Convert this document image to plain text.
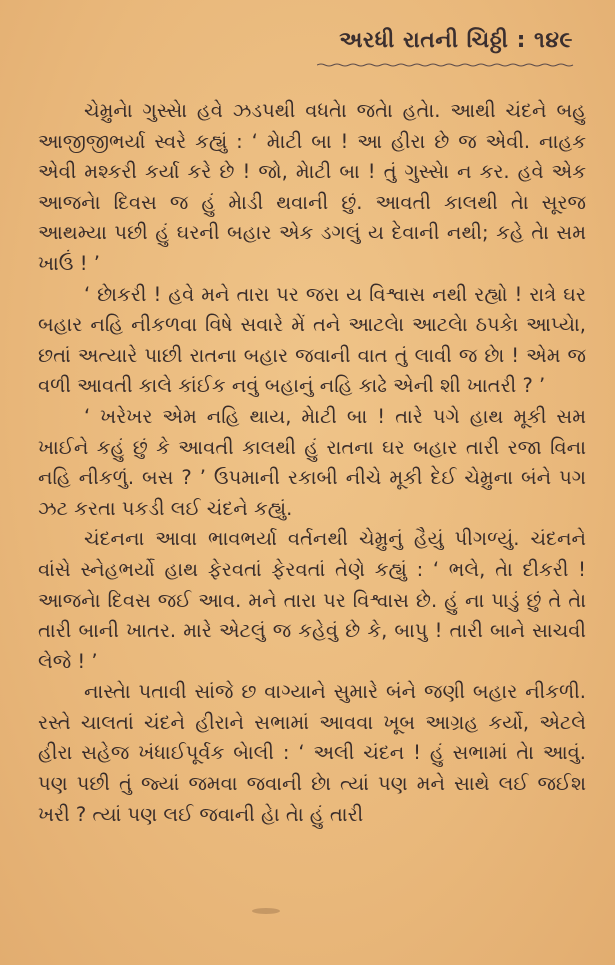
અરધી રાતની ચિઠ્ઠી : ૧૪૯

ચેમ્રુનેા ગુસ્સેા હવે ઝડપથી વધતેા જતેા હતેા. આથી ચંદને બહુ આજીજીભર્યા સ્વરે કહ્યું : ‘ મેાટી બા ! આ હીરા છે જ એવી. નાહક એવી મશ્કરી કર્યા કરે છે ! જો, મેાટી બા ! તું ગુસ્સેા ન કર. હવે એક આજનેા દિવસ જ હું મેાડી થવાની છું. આવતી કાલથી તેા સૂરજ આથમ્યા પછી હું ઘરની બહાર એક ડગલું ય દેવાની નથી; કહે તેા સમ ખાઉં ! ’

‘ છેાકરી ! હવે મને તારા પર જરા ય વિશ્વાસ નથી રહ્યો ! રાત્રે ઘર બહાર નહિ નીકળવા વિષે સવારે મેં તને આટલેા આટલેા ઠપકેા આપ્યેા, છતાં અત્યારે પાછી રાતના બહાર જવાની વાત તું લાવી જ છેા ! એમ જ વળી આવતી કાલે કાંઈક નવું બહાનું નહિ કાઢે એની શી ખાતરી ? ’

‘ ખરેખર એમ નહિ થાય, મેાટી બા ! તારે પગે હાથ મૂકી સમ ખાઈને કહું છું કે આવતી કાલથી હું રાતના ઘર બહાર તારી રજા વિના નહિ નીકળું. બસ ? ’ ઉપમાની રકાબી નીચે મૂકી દેઈ ચેમ્રુના બંને પગ ઝટ કરતા પકડી લઈ ચંદને કહ્યું.

ચંદનના આવા ભાવભર્યા વર્તનથી ચેમ્રુનું હૈયું પીગળ્યું. ચંદનને વાંસે સ્નેહભર્યો હાથ ફેરવતાં ફેરવતાં તેણે કહ્યું : ‘ ભલે, તેા દીકરી ! આજનેા દિવસ જઈ આવ. મને તારા પર વિશ્વાસ છે. હું ના પાડું છું તે તેા તારી બાની ખાતર. મારે એટલું જ કહેવું છે કે, બાપુ ! તારી બાને સાચવી લેજે ! ’

નાસ્તેા પતાવી સાંજે છ વાગ્યાને સુમારે બંને જણી બહાર નીકળી. રસ્તે ચાલતાં ચંદને હીરાને સભામાં આવવા ખૂબ આગ્રહ કર્યો, એટલે હીરા સહેજ ખંધાઈપૂર્વક બેાલી : ‘ અલી ચંદન ! હું સભામાં તેા આવું. પણ પછી તું જ્યાં જમવા જવાની છેા ત્યાં પણ મને સાથે લઈ જઈશ ખરી ? ત્યાં પણ લઈ જવાની હેા તેા હું તારી
